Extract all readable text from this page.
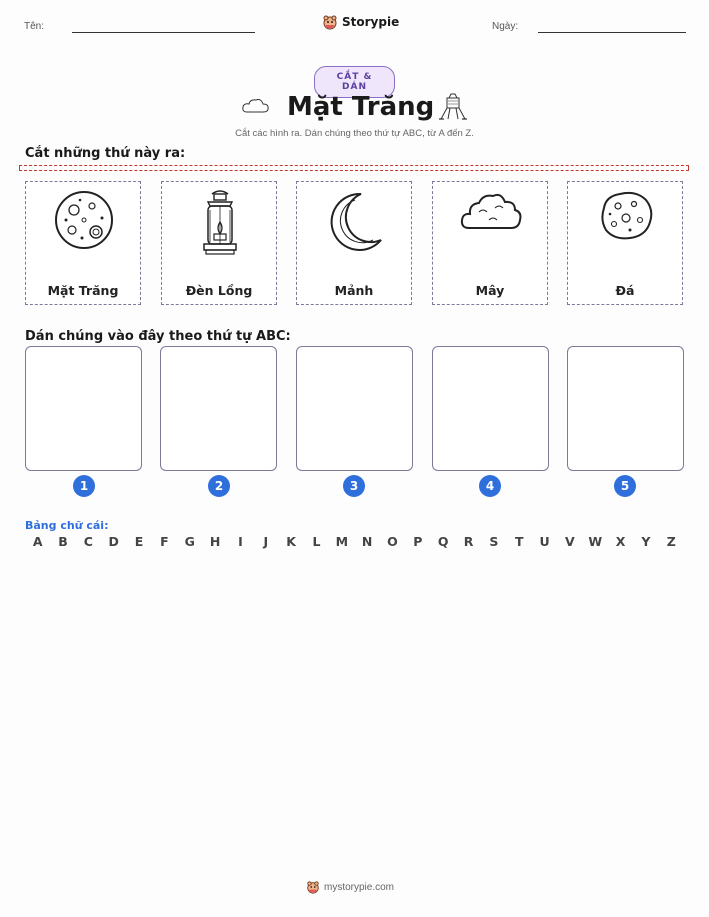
Tên:	Storypie	Ngày:
CẮT & DÁN
Mặt Trăng
Cắt các hình ra. Dán chúng theo thứ tự ABC, từ A đến Z.
Cắt những thứ này ra:
Mặt Trăng	Đèn Lồng	Mảnh	Mây	Đá
Dán chúng vào đây theo thứ tự ABC:
1	2	3	4	5
Bảng chữ cái:
A	B	C	D	E	F	G	H	I	J	K	L	M	N	O	P	Q	R	S	T	U	V	W	X	Y	Z
mystorypie.com
